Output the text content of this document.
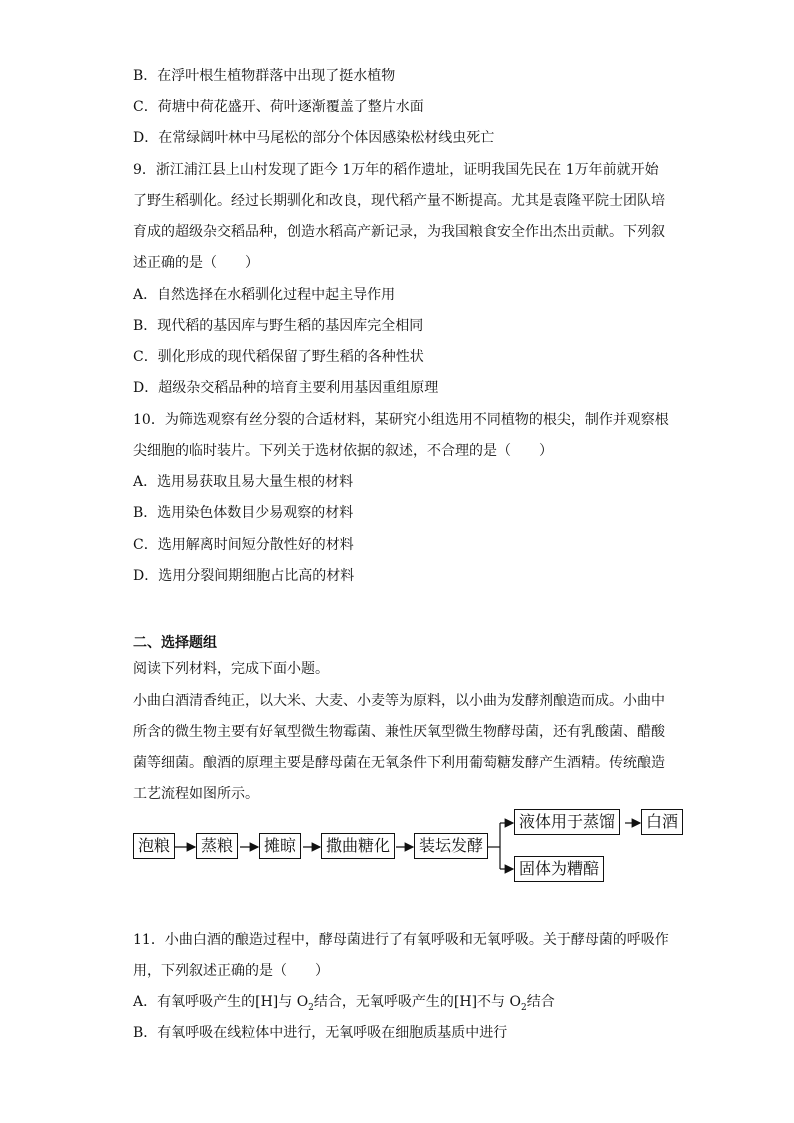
B．在浮叶根生植物群落中出现了挺水植物
C．荷塘中荷花盛开、荷叶逐渐覆盖了整片水面
D．在常绿阔叶林中马尾松的部分个体因感染松材线虫死亡
9．浙江浦江县上山村发现了距今 1万年的稻作遗址，证明我国先民在 1万年前就开始
了野生稻驯化。经过长期驯化和改良，现代稻产量不断提高。尤其是袁隆平院士团队培
育成的超级杂交稻品种，创造水稻高产新记录，为我国粮食安全作出杰出贡献。下列叙
述正确的是（　　）
A．自然选择在水稻驯化过程中起主导作用
B．现代稻的基因库与野生稻的基因库完全相同
C．驯化形成的现代稻保留了野生稻的各种性状
D．超级杂交稻品种的培育主要利用基因重组原理
10．为筛选观察有丝分裂的合适材料，某研究小组选用不同植物的根尖，制作并观察根
尖细胞的临时装片。下列关于选材依据的叙述，不合理的是（　　）
A．选用易获取且易大量生根的材料
B．选用染色体数目少易观察的材料
C．选用解离时间短分散性好的材料
D．选用分裂间期细胞占比高的材料
二、选择题组
阅读下列材料，完成下面小题。
小曲白酒清香纯正，以大米、大麦、小麦等为原料，以小曲为发酵剂酿造而成。小曲中
所含的微生物主要有好氧型微生物霉菌、兼性厌氧型微生物酵母菌，还有乳酸菌、醋酸
菌等细菌。酿酒的原理主要是酵母菌在无氧条件下利用葡萄糖发酵产生酒精。传统酿造
工艺流程如图所示。
泡粮	蒸粮	摊晾	撒曲糖化	装坛发酵
液体用于蒸馏	白酒
固体为糟醅
11．小曲白酒的酿造过程中，酵母菌进行了有氧呼吸和无氧呼吸。关于酵母菌的呼吸作
用，下列叙述正确的是（　　）
A．有氧呼吸产生的[H]与 $O_2$结合，无氧呼吸产生的[H]不与 $O_2$结合
B．有氧呼吸在线粒体中进行，无氧呼吸在细胞质基质中进行
